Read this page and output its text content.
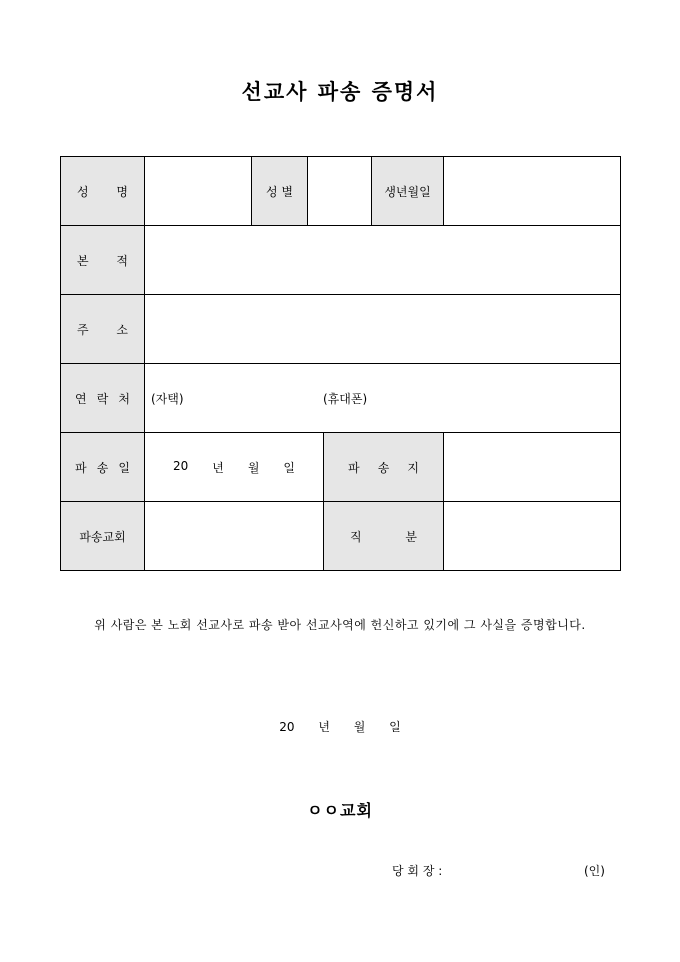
선교사 파송 증명서
성 명		성 별			생년월일	

본 적						

주 소						

연 락 처	(자택) (휴대폰)					

파 송 일	20 년 월 일			파 송 지		

파송교회				직 분		

위 사람은 본 노회 선교사로 파송 받아 선교사역에 헌신하고 있기에 그 사실을 증명합니다.
20 년 월 일
ㅇㅇ교회
당 회 장 :	(인)
